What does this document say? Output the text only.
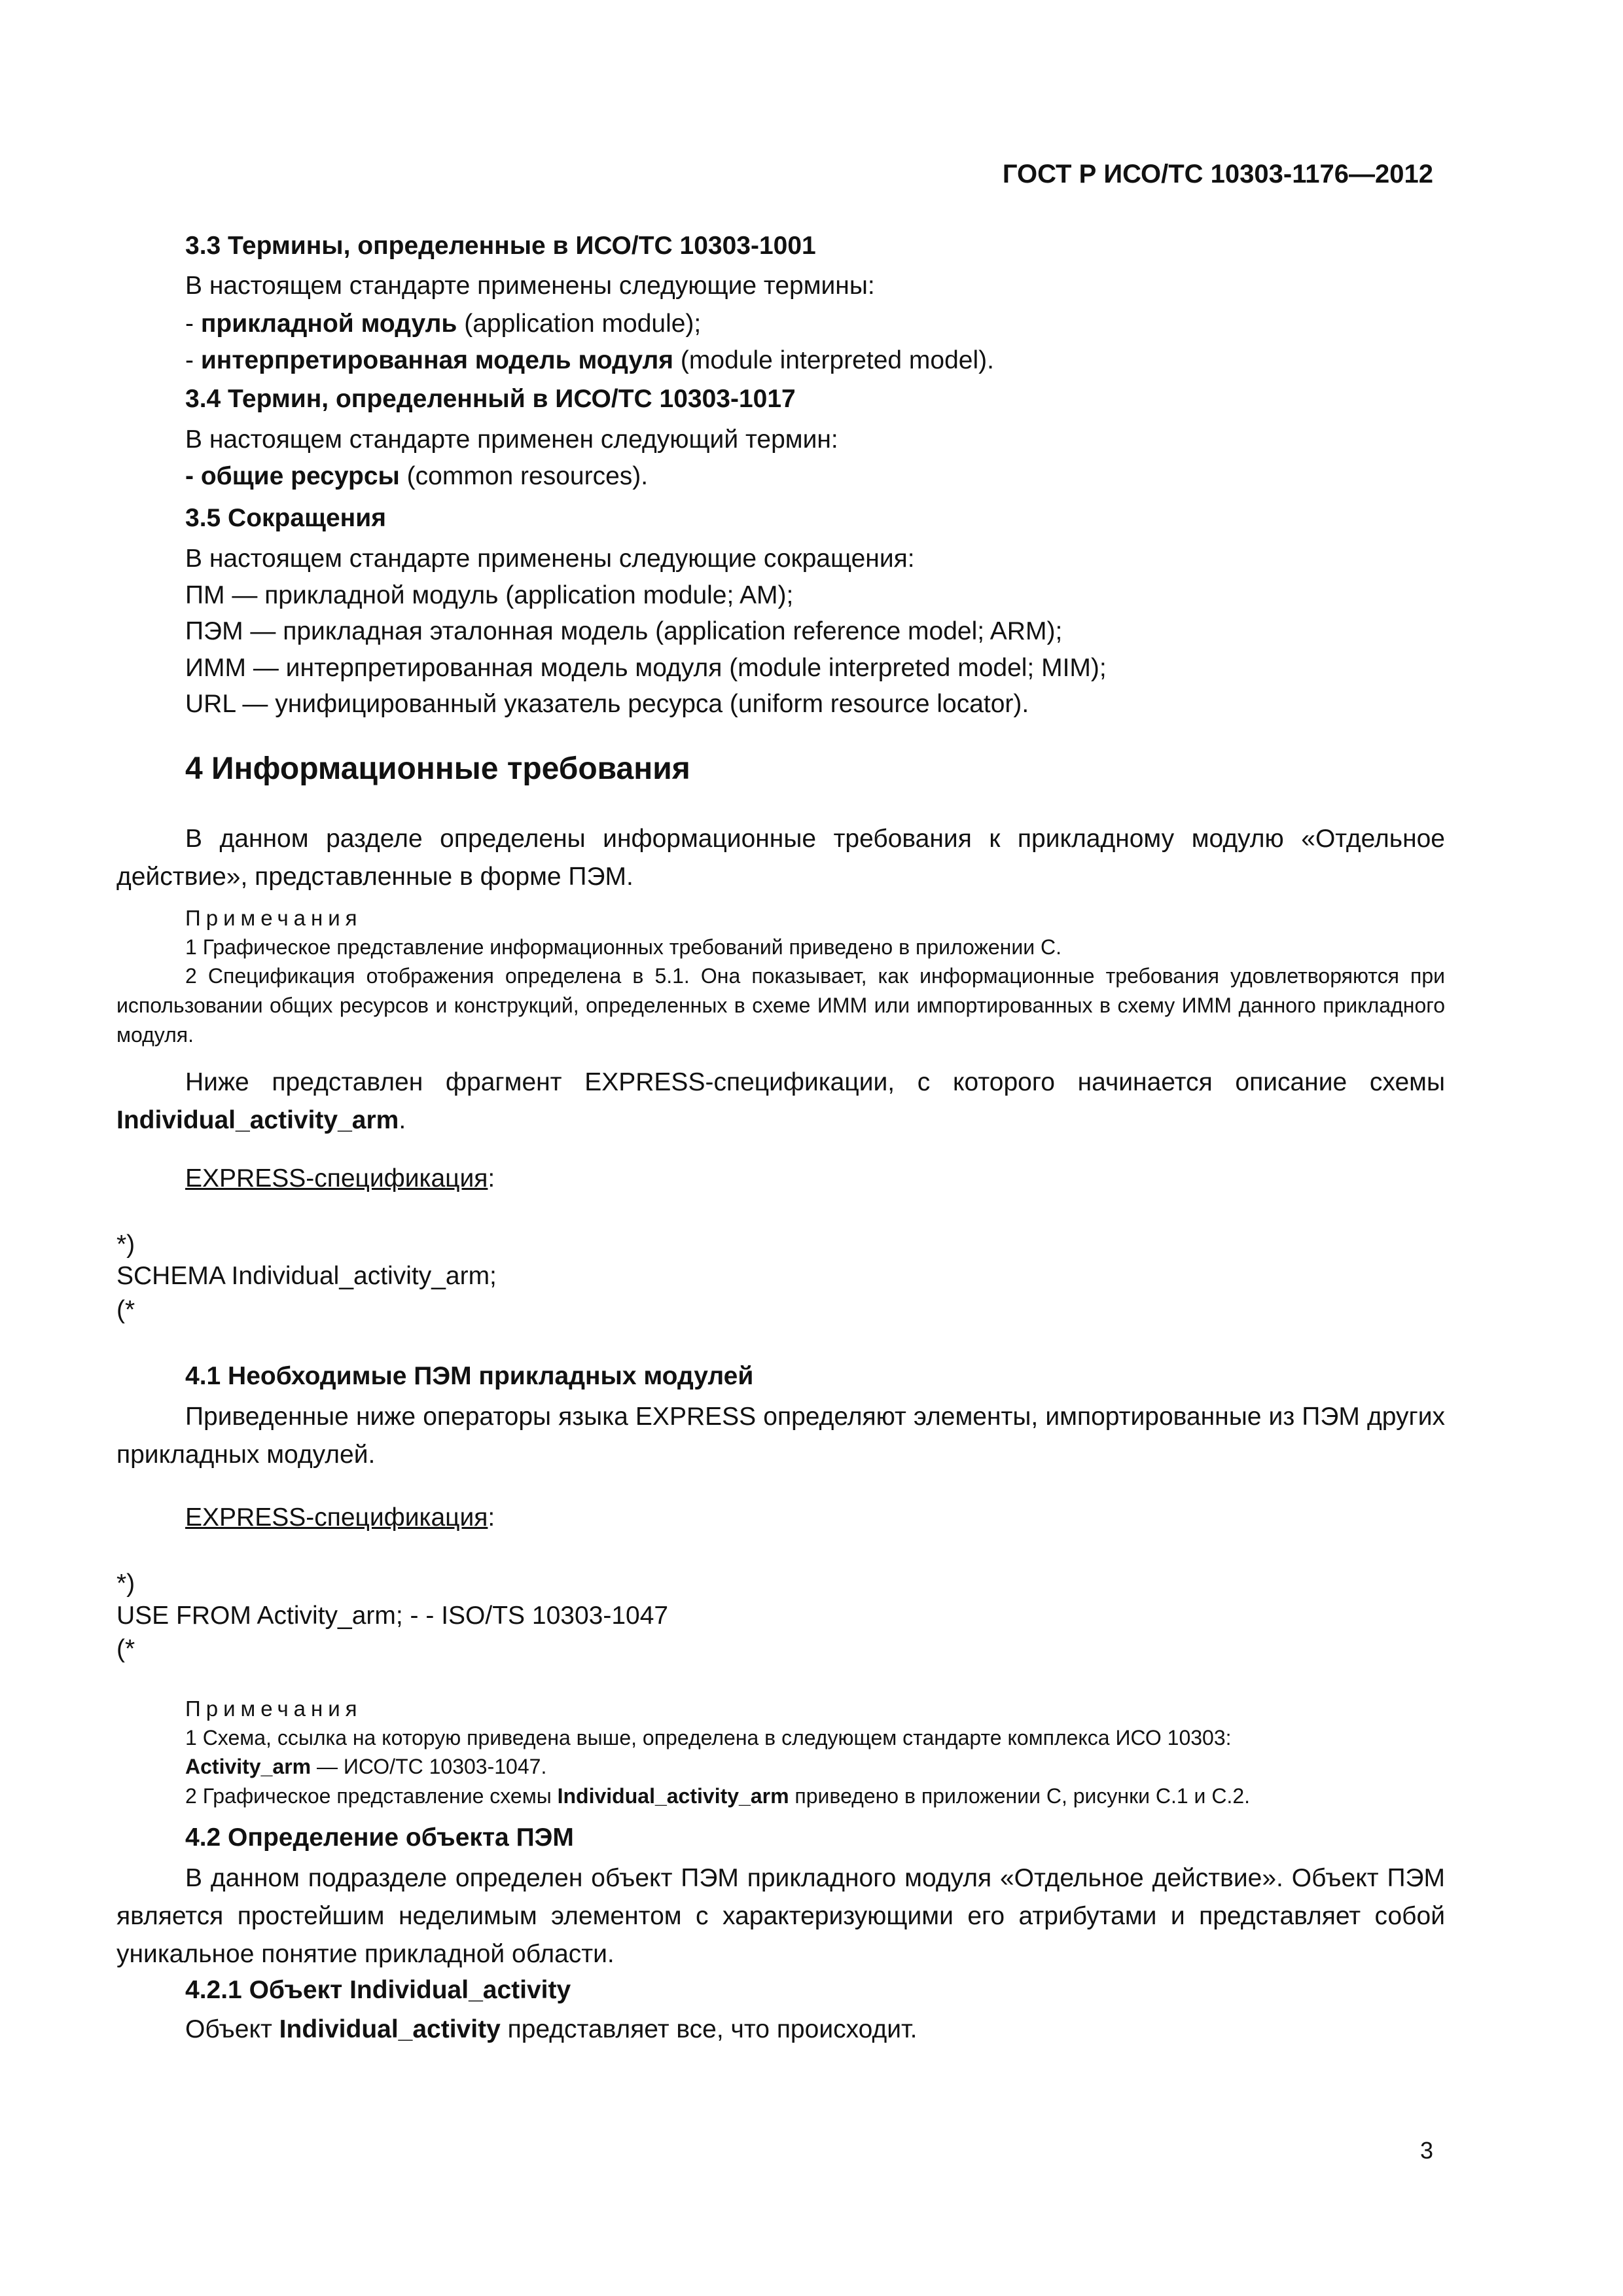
ГОСТ Р ИСО/ТС 10303-1176—2012
3.3 Термины, определенные в ИСО/ТС 10303-1001
В настоящем стандарте применены следующие термины:
- прикладной модуль (application module);
- интерпретированная модель модуля (module interpreted model).
3.4 Термин, определенный в ИСО/ТС 10303-1017
В настоящем стандарте применен следующий термин:
- общие ресурсы (common resources).
3.5 Сокращения
В настоящем стандарте применены следующие сокращения:
ПМ — прикладной модуль (application module; AM);
ПЭМ — прикладная эталонная модель (application reference model; ARM);
ИММ — интерпретированная модель модуля (module interpreted model; MIM);
URL — унифицированный указатель ресурса (uniform resource locator).
4 Информационные требования
В данном разделе определены информационные требования к прикладному модулю «Отдельное действие», представленные в форме ПЭМ.
Примечания
1 Графическое представление информационных требований приведено в приложении С.
2 Спецификация отображения определена в 5.1. Она показывает, как информационные требования удовлетворяются при использовании общих ресурсов и конструкций, определенных в схеме ИММ или импортированных в схему ИММ данного прикладного модуля.
Ниже представлен фрагмент EXPRESS-спецификации, с которого начинается описание схемы Individual_activity_arm.
EXPRESS-спецификация:
*)
SCHEMA Individual_activity_arm;
(*
4.1 Необходимые ПЭМ прикладных модулей
Приведенные ниже операторы языка EXPRESS определяют элементы, импортированные из ПЭМ других прикладных модулей.
EXPRESS-спецификация:
*)
USE FROM Activity_arm; - - ISO/TS 10303-1047
(*
Примечания
1 Схема, ссылка на которую приведена выше, определена в следующем стандарте комплекса ИСО 10303:
Activity_arm — ИСО/ТС 10303-1047.
2 Графическое представление схемы Individual_activity_arm приведено в приложении С, рисунки С.1 и С.2.
4.2 Определение объекта ПЭМ
В данном подразделе определен объект ПЭМ прикладного модуля «Отдельное действие». Объект ПЭМ является простейшим неделимым элементом с характеризующими его атрибутами и представляет собой уникальное понятие прикладной области.
4.2.1 Объект Individual_activity
Объект Individual_activity представляет все, что происходит.
3
